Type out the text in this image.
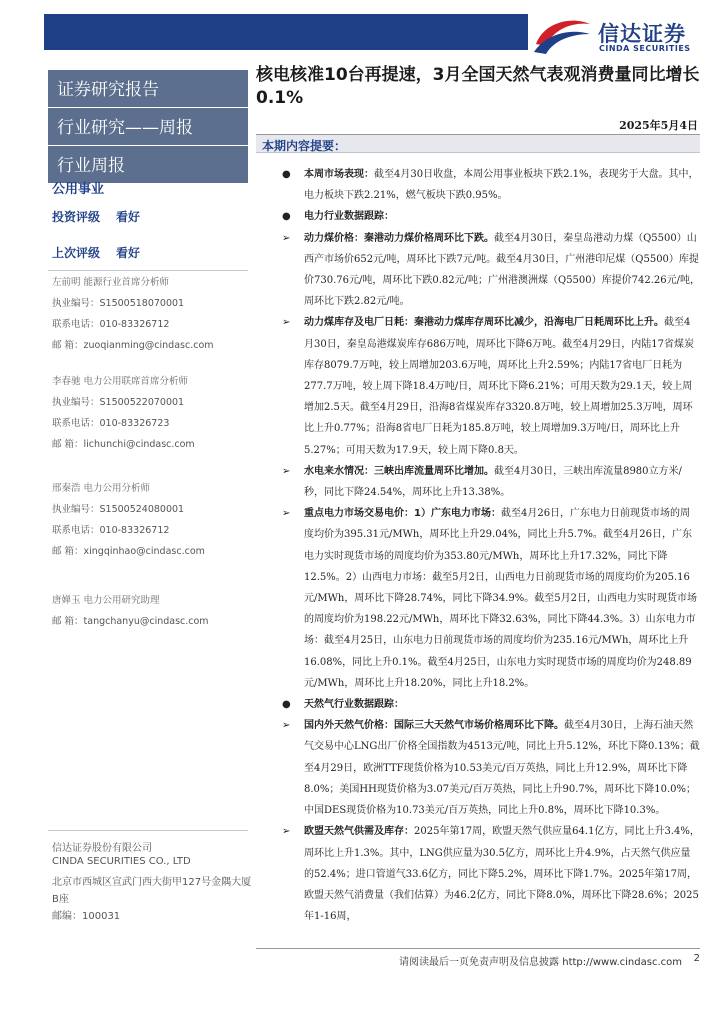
信达证券
CINDA SECURITIES
证券研究报告
行业研究——周报
行业周报
公用事业
投资评级 看好
上次评级 看好
左前明 能源行业首席分析师
执业编号：S1500518070001
联系电话：010-83326712
邮 箱：zuoqianming@cindasc.com
李春驰 电力公用联席首席分析师
执业编号：S1500522070001
联系电话：010-83326723
邮 箱：lichunchi@cindasc.com
邢秦浩 电力公用分析师
执业编号：S1500524080001
联系电话：010-83326712
邮 箱：xingqinhao@cindasc.com
唐婵玉 电力公用研究助理
邮 箱：tangchanyu@cindasc.com
信达证券股份有限公司
CINDA SECURITIES CO., LTD
北京市西城区宣武门西大街甲127号金隅大厦
B座
邮编：100031
核电核准10台再提速，3月全国天然气表观消费量同比增长0.1%
2025年5月4日
本期内容提要：
● 本周市场表现：截至4月30日收盘，本周公用事业板块下跌2.1%，表现劣于大盘。其中，电力板块下跌2.21%，燃气板块下跌0.95%。
● 电力行业数据跟踪：
➢ 动力煤价格：秦港动力煤价格周环比下跌。截至4月30日，秦皇岛港动力煤（Q5500）山西产市场价652元/吨，周环比下跌7元/吨。截至4月30日，广州港印尼煤（Q5500）库提价730.76元/吨，周环比下跌0.82元/吨；广州港澳洲煤（Q5500）库提价742.26元/吨，周环比下跌2.82元/吨。
➢ 动力煤库存及电厂日耗：秦港动力煤库存周环比减少，沿海电厂日耗周环比上升。截至4月30日，秦皇岛港煤炭库存686万吨，周环比下降6万吨。截至4月29日，内陆17省煤炭库存8079.7万吨，较上周增加203.6万吨，周环比上升2.59%；内陆17省电厂日耗为277.7万吨，较上周下降18.4万吨/日，周环比下降6.21%；可用天数为29.1天，较上周增加2.5天。截至4月29日，沿海8省煤炭库存3320.8万吨，较上周增加25.3万吨，周环比上升0.77%；沿海8省电厂日耗为185.8万吨，较上周增加9.3万吨/日，周环比上升5.27%；可用天数为17.9天，较上周下降0.8天。
➢ 水电来水情况：三峡出库流量周环比增加。截至4月30日，三峡出库流量8980立方米/秒，同比下降24.54%，周环比上升13.38%。
➢ 重点电力市场交易电价：1）广东电力市场：截至4月26日，广东电力日前现货市场的周度均价为395.31元/MWh，周环比上升29.04%，同比上升5.7%。截至4月26日，广东电力实时现货市场的周度均价为353.80元/MWh，周环比上升17.32%，同比下降12.5%。2）山西电力市场：截至5月2日，山西电力日前现货市场的周度均价为205.16元/MWh，周环比下降28.74%，同比下降34.9%。截至5月2日，山西电力实时现货市场的周度均价为198.22元/MWh，周环比下降32.63%，同比下降44.3%。3）山东电力市场：截至4月25日，山东电力日前现货市场的周度均价为235.16元/MWh，周环比上升16.08%，同比上升0.1%。截至4月25日，山东电力实时现货市场的周度均价为248.89元/MWh，周环比上升18.20%，同比上升18.2%。
● 天然气行业数据跟踪：
➢ 国内外天然气价格：国际三大天然气市场价格周环比下降。截至4月30日，上海石油天然气交易中心LNG出厂价格全国指数为4513元/吨，同比上升5.12%，环比下降0.13%；截至4月29日，欧洲TTF现货价格为10.53美元/百万英热，同比上升12.9%，周环比下降8.0%；美国HH现货价格为3.07美元/百万英热，同比上升90.7%，周环比下降10.0%；中国DES现货价格为10.73美元/百万英热，同比上升0.8%，周环比下降10.3%。
➢ 欧盟天然气供需及库存：2025年第17周，欧盟天然气供应量64.1亿方，同比上升3.4%，周环比上升1.3%。其中，LNG供应量为30.5亿方，周环比上升4.9%，占天然气供应量的52.4%；进口管道气33.6亿方，同比下降5.2%，周环比下降1.7%。2025年第17周，欧盟天然气消费量（我们估算）为46.2亿方，同比下降8.0%，周环比下降28.6%；2025年1-16周，
请阅读最后一页免责声明及信息披露 http://www.cindasc.com 2
